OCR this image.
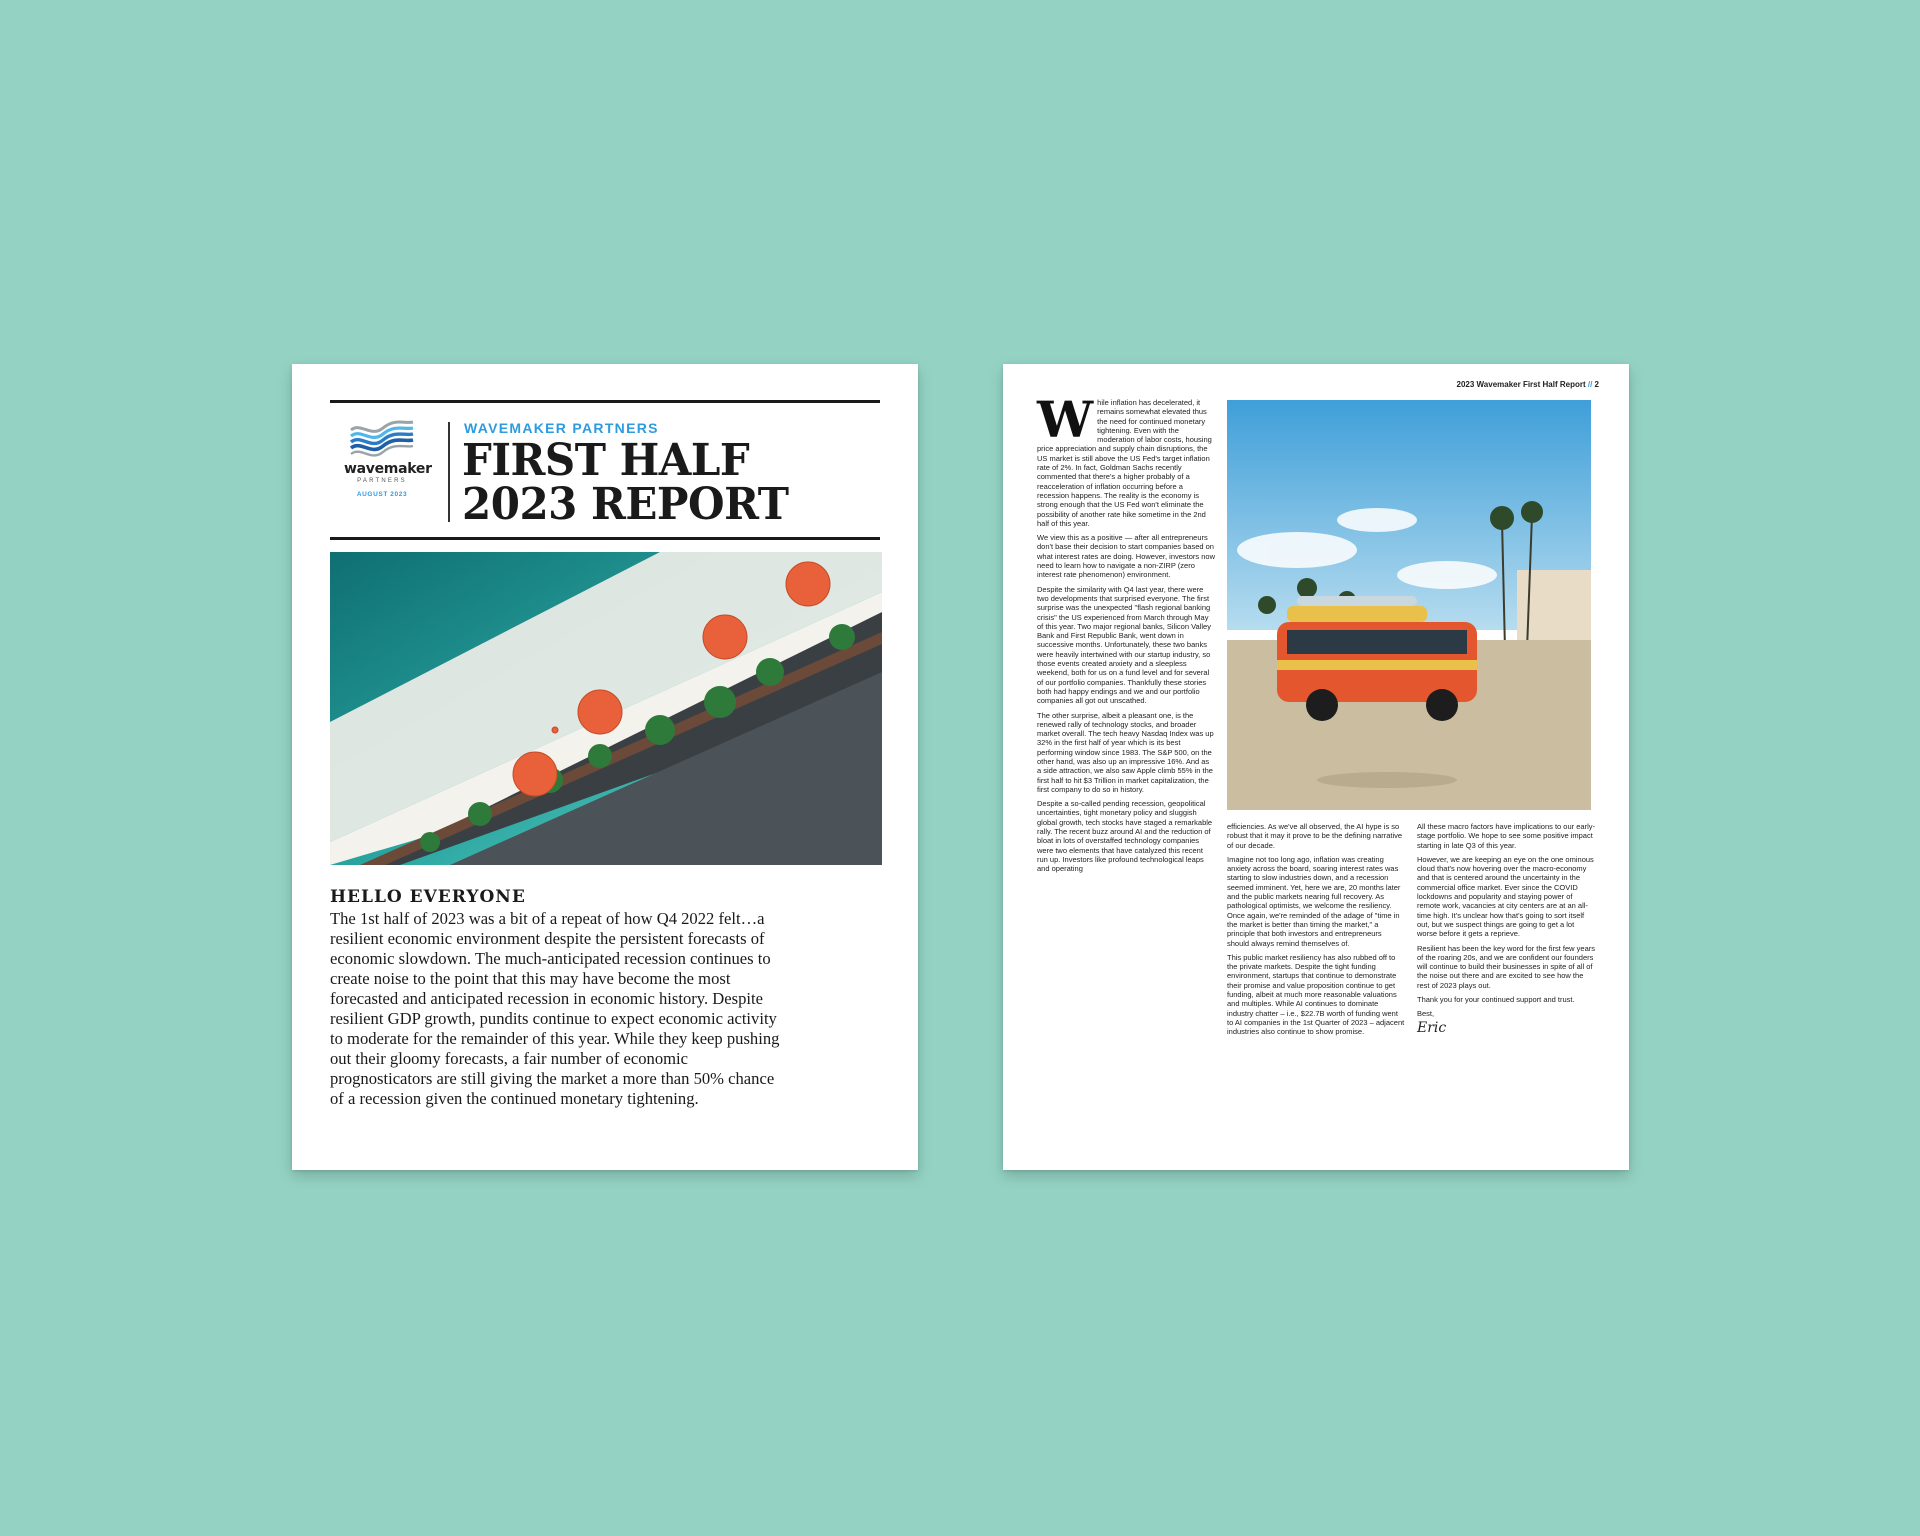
wavemaker
PARTNERS
AUGUST 2023
WAVEMAKER PARTNERS
FIRST HALF
2023 REPORT
HELLO EVERYONE
The 1st half of 2023 was a bit of a repeat of how Q4 2022 felt…a resilient economic environment despite the persistent forecasts of economic slowdown. The much-anticipated recession continues to create noise to the point that this may have become the most forecasted and anticipated recession in economic history. Despite resilient GDP growth, pundits continue to expect economic activity to moderate for the remainder of this year. While they keep pushing out their gloomy forecasts, a fair number of economic prognosticators are still giving the market a more than 50% chance of a recession given the continued monetary tightening.
2023 Wavemaker First Half Report // 2

While inflation has decelerated, it remains somewhat elevated thus the need for continued monetary tightening. Even with the moderation of labor costs, housing price appreciation and supply chain disruptions, the US market is still above the US Fed's target inflation rate of 2%. In fact, Goldman Sachs recently commented that there's a higher probably of a reacceleration of inflation occurring before a recession happens. The reality is the economy is strong enough that the US Fed won't eliminate the possibility of another rate hike sometime in the 2nd half of this year.

We view this as a positive — after all entrepreneurs don't base their decision to start companies based on what interest rates are doing. However, investors now need to learn how to navigate a non-ZIRP (zero interest rate phenomenon) environment.

Despite the similarity with Q4 last year, there were two developments that surprised everyone. The first surprise was the unexpected "flash regional banking crisis" the US experienced from March through May of this year. Two major regional banks, Silicon Valley Bank and First Republic Bank, went down in successive months. Unfortunately, these two banks were heavily intertwined with our startup industry, so those events created anxiety and a sleepless weekend, both for us on a fund level and for several of our portfolio companies. Thankfully these stories both had happy endings and we and our portfolio companies all got out unscathed.

The other surprise, albeit a pleasant one, is the renewed rally of technology stocks, and broader market overall. The tech heavy Nasdaq Index was up 32% in the first half of year which is its best performing window since 1983. The S&P 500, on the other hand, was also up an impressive 16%. And as a side attraction, we also saw Apple climb 55% in the first half to hit $3 Trillion in market capitalization, the first company to do so in history.

Despite a so-called pending recession, geopolitical uncertainties, tight monetary policy and sluggish global growth, tech stocks have staged a remarkable rally. The recent buzz around AI and the reduction of bloat in lots of overstaffed technology companies were two elements that have catalyzed this recent run up. Investors like profound technological leaps and operating

efficiencies. As we've all observed, the AI hype is so robust that it may it prove to be the defining narrative of our decade.

Imagine not too long ago, inflation was creating anxiety across the board, soaring interest rates was starting to slow industries down, and a recession seemed imminent. Yet, here we are, 20 months later and the public markets nearing full recovery. As pathological optimists, we welcome the resiliency. Once again, we're reminded of the adage of "time in the market is better than timing the market," a principle that both investors and entrepreneurs should always remind themselves of.

This public market resiliency has also rubbed off to the private markets. Despite the tight funding environment, startups that continue to demonstrate their promise and value proposition continue to get funding, albeit at much more reasonable valuations and multiples. While AI continues to dominate industry chatter – i.e., $22.7B worth of funding went to AI companies in the 1st Quarter of 2023 – adjacent industries also continue to show promise.

All these macro factors have implications to our early-stage portfolio. We hope to see some positive impact starting in late Q3 of this year.

However, we are keeping an eye on the one ominous cloud that's now hovering over the macro-economy and that is centered around the uncertainty in the commercial office market. Ever since the COVID lockdowns and popularity and staying power of remote work, vacancies at city centers are at an all-time high. It's unclear how that's going to sort itself out, but we suspect things are going to get a lot worse before it gets a reprieve.

Resilient has been the key word for the first few years of the roaring 20s, and we are confident our founders will continue to build their businesses in spite of all of the noise out there and are excited to see how the rest of 2023 plays out.

Thank you for your continued support and trust.

Best,

Eric
